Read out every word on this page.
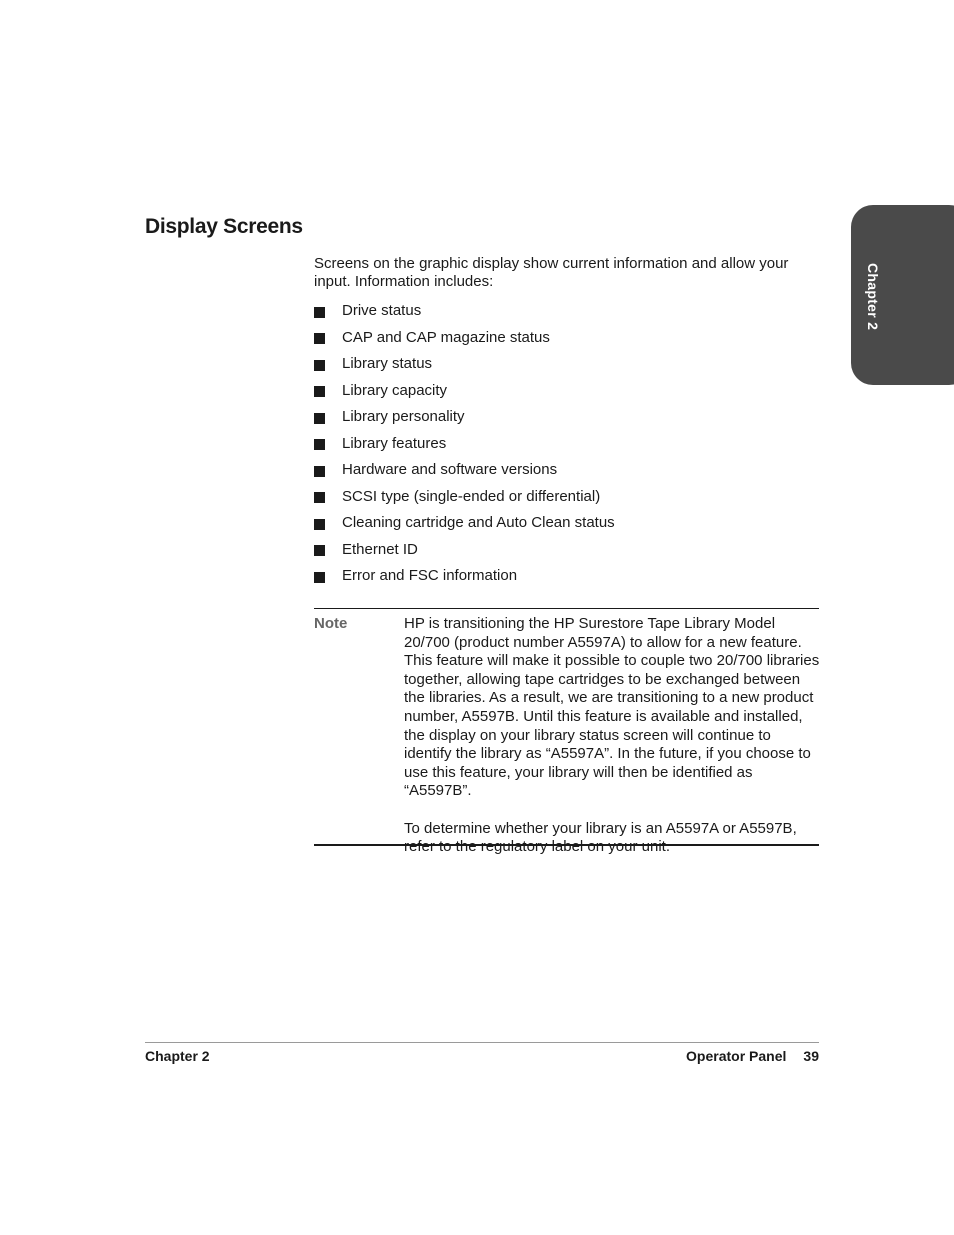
Chapter 2
Display Screens

Screens on the graphic display show current information and allow your input. Information includes:

Drive status
CAP and CAP magazine status
Library status
Library capacity
Library personality
Library features
Hardware and software versions
SCSI type (single-ended or differential)
Cleaning cartridge and Auto Clean status
Ethernet ID
Error and FSC information
Note	HP is transitioning the HP Surestore Tape Library Model 20/700 (product number A5597A) to allow for a new feature. This feature will make it possible to couple two 20/700 libraries together, allowing tape cartridges to be exchanged between the libraries. As a result, we are transitioning to a new product number, A5597B. Until this feature is available and installed, the display on your library status screen will continue to identify the library as “A5597A”. In the future, if you choose to use this feature, your library will then be identified as “A5597B”.

To determine whether your library is an A5597A or A5597B, refer to the regulatory label on your unit.

Chapter 2	Operator Panel 39
